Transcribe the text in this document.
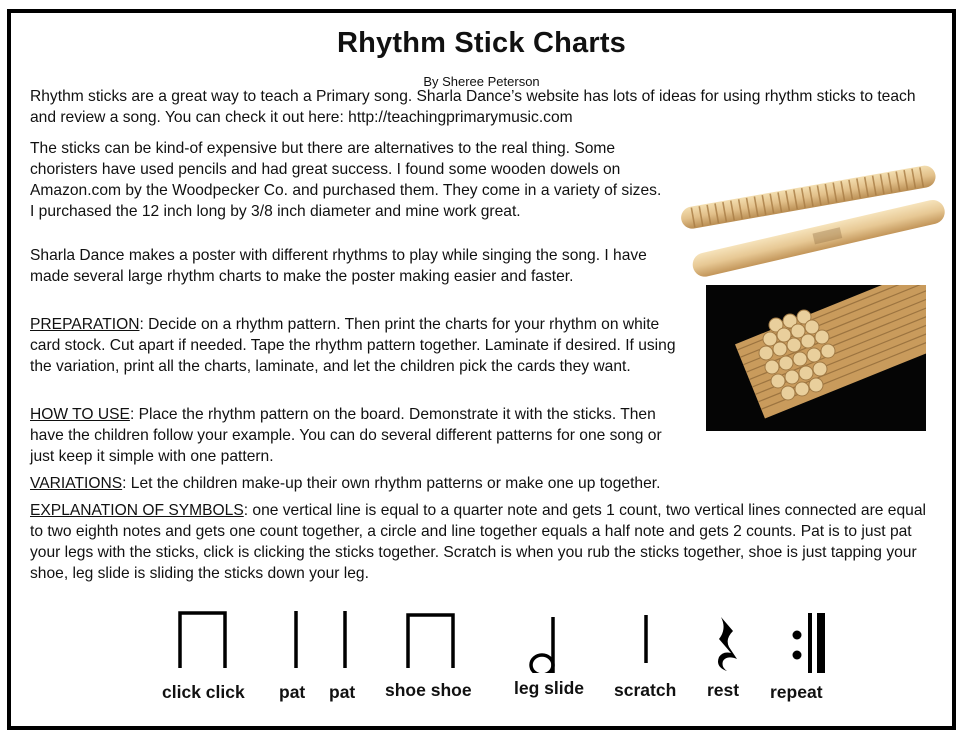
Rhythm Stick Charts
By Sheree Peterson

Rhythm sticks are a great way to teach a Primary song. Sharla Dance’s website has lots of ideas for using rhythm sticks to teach and review a song. You can check it out here: http://teachingprimarymusic.com

The sticks can be kind-of expensive but there are alternatives to the real thing. Some choristers have used pencils and had great success. I found some wooden dowels on Amazon.com by the Woodpecker Co. and purchased them. They come in a variety of sizes. I purchased the 12 inch long by 3/8 inch diameter and mine work great.

Sharla Dance makes a poster with different rhythms to play while singing the song. I have made several large rhythm charts to make the poster making easier and faster.

PREPARATION: Decide on a rhythm pattern. Then print the charts for your rhythm on white card stock. Cut apart if needed. Tape the rhythm pattern together. Laminate if desired. If using the variation, print all the charts, laminate, and let the children pick the cards they want.

HOW TO USE: Place the rhythm pattern on the board. Demonstrate it with the sticks. Then have the children follow your example. You can do several different patterns for one song or just keep it simple with one pattern.

VARIATIONS: Let the children make-up their own rhythm patterns or make one up together.

EXPLANATION OF SYMBOLS: one vertical line is equal to a quarter note and gets 1 count, two vertical lines connected are equal to two eighth notes and gets one count together, a circle and line together equals a half note and gets 2 counts. Pat is to just pat your legs with the sticks, click is clicking the sticks together. Scratch is when you rub the sticks together, shoe is just tapping your shoe, leg slide is sliding the sticks down your leg.

click click pat pat shoe shoe leg slide scratch rest repeat
